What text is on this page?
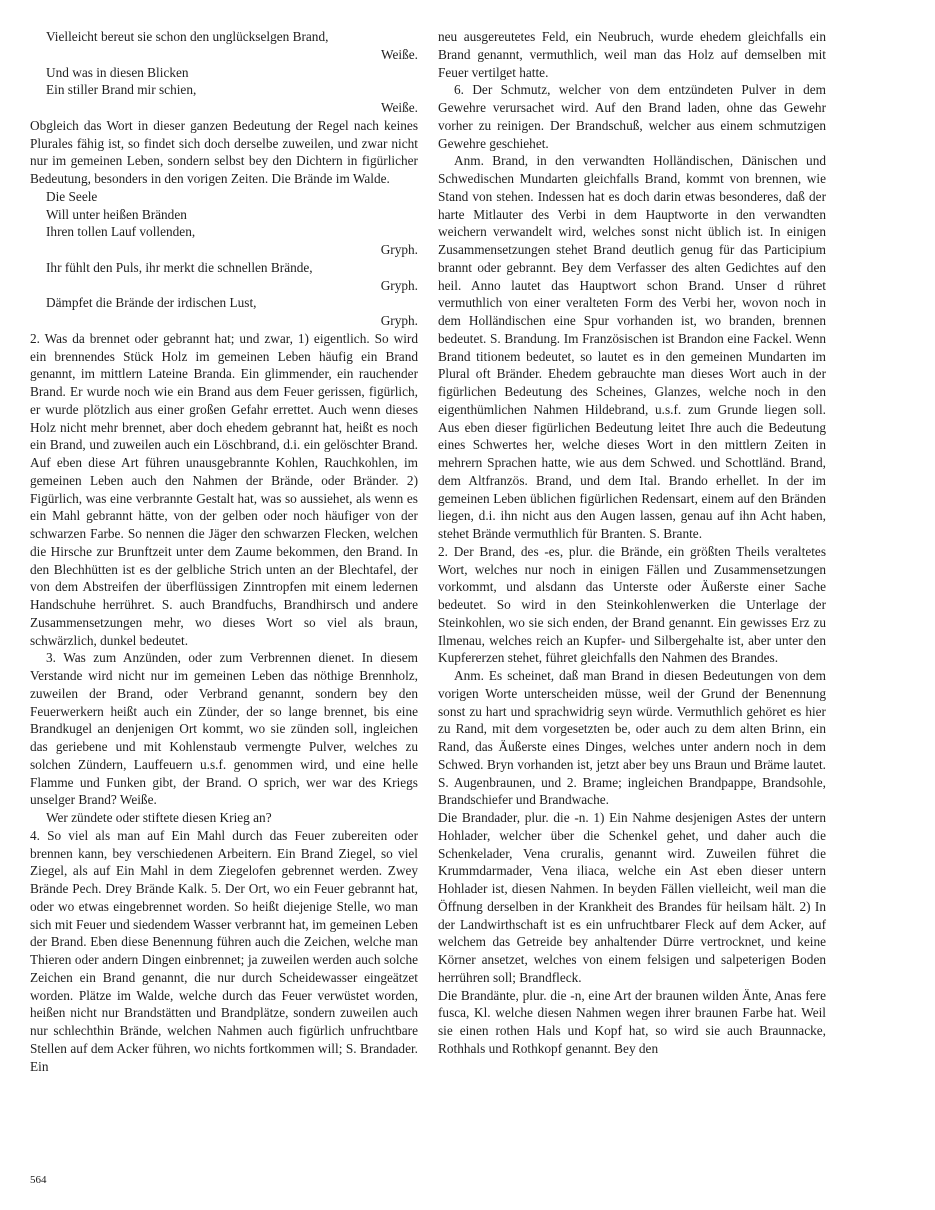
Vielleicht bereut sie schon den unglückselgen Brand,

Weiße.

Und was in diesen Blicken

Ein stiller Brand mir schien,

Weiße.

Obgleich das Wort in dieser ganzen Bedeutung der Regel nach keines Plurales fähig ist, so findet sich doch derselbe zuweilen, und zwar nicht nur im gemeinen Leben, sondern selbst bey den Dichtern in figürlicher Bedeutung, besonders in den vorigen Zeiten. Die Brände im Walde.

Die Seele

Will unter heißen Bränden

Ihren tollen Lauf vollenden,

Gryph.

Ihr fühlt den Puls, ihr merkt die schnellen Brände,

Gryph.

Dämpfet die Brände der irdischen Lust,

Gryph.

2. Was da brennet oder gebrannt hat; und zwar, 1) eigentlich. So wird ein brennendes Stück Holz im gemeinen Leben häufig ein Brand genannt, im mittlern Lateine Branda. Ein glimmender, ein rauchender Brand. Er wurde noch wie ein Brand aus dem Feuer gerissen, figürlich, er wurde plötzlich aus einer großen Gefahr errettet. Auch wenn dieses Holz nicht mehr brennet, aber doch ehedem gebrannt hat, heißt es noch ein Brand, und zuweilen auch ein Löschbrand, d.i. ein gelöschter Brand. Auf eben diese Art führen unausgebrannte Kohlen, Rauchkohlen, im gemeinen Leben auch den Nahmen der Brände, oder Bränder. 2) Figürlich, was eine verbrannte Gestalt hat, was so aussiehet, als wenn es ein Mahl gebrannt hätte, von der gelben oder noch häufiger von der schwarzen Farbe. So nennen die Jäger den schwarzen Flecken, welchen die Hirsche zur Brunftzeit unter dem Zaume bekommen, den Brand. In den Blechhütten ist es der gelbliche Strich unten an der Blechtafel, der von dem Abstreifen der überflüssigen Zinntropfen mit einem ledernen Handschuhe herrühret. S. auch Brandfuchs, Brandhirsch und andere Zusammensetzungen mehr, wo dieses Wort so viel als braun, schwärzlich, dunkel bedeutet.

3. Was zum Anzünden, oder zum Verbrennen dienet. In diesem Verstande wird nicht nur im gemeinen Leben das nöthige Brennholz, zuweilen der Brand, oder Verbrand genannt, sondern bey den Feuerwerkern heißt auch ein Zünder, der so lange brennet, bis eine Brandkugel an denjenigen Ort kommt, wo sie zünden soll, ingleichen das geriebene und mit Kohlenstaub vermengte Pulver, welches zu solchen Zündern, Lauffeuern u.s.f. genommen wird, und eine helle Flamme und Funken gibt, der Brand. O sprich, wer war des Kriegs unselger Brand? Weiße.

Wer zündete oder stiftete diesen Krieg an?

4. So viel als man auf Ein Mahl durch das Feuer zubereiten oder brennen kann, bey verschiedenen Arbeitern. Ein Brand Ziegel, so viel Ziegel, als auf Ein Mahl in dem Ziegelofen gebrennet werden. Zwey Brände Pech. Drey Brände Kalk. 5. Der Ort, wo ein Feuer gebrannt hat, oder wo etwas eingebrennet worden. So heißt diejenige Stelle, wo man sich mit Feuer und siedendem Wasser verbrannt hat, im gemeinen Leben der Brand. Eben diese Benennung führen auch die Zeichen, welche man Thieren oder andern Dingen einbrennet; ja zuweilen werden auch solche Zeichen ein Brand genannt, die nur durch Scheidewasser eingeätzet worden. Plätze im Walde, welche durch das Feuer verwüstet worden, heißen nicht nur Brandstätten und Brandplätze, sondern zuweilen auch nur schlechthin Brände, welchen Nahmen auch figürlich unfruchtbare Stellen auf dem Acker führen, wo nichts fortkommen will; S. Brandader. Ein

neu ausgereutetes Feld, ein Neubruch, wurde ehedem gleichfalls ein Brand genannt, vermuthlich, weil man das Holz auf demselben mit Feuer vertilget hatte.

6. Der Schmutz, welcher von dem entzündeten Pulver in dem Gewehre verursachet wird. Auf den Brand laden, ohne das Gewehr vorher zu reinigen. Der Brandschuß, welcher aus einem schmutzigen Gewehre geschiehet.

Anm. Brand, in den verwandten Holländischen, Dänischen und Schwedischen Mundarten gleichfalls Brand, kommt von brennen, wie Stand von stehen. Indessen hat es doch darin etwas besonderes, daß der harte Mitlauter des Verbi in dem Hauptworte in den verwandten weichern verwandelt wird, welches sonst nicht üblich ist. In einigen Zusammensetzungen stehet Brand deutlich genug für das Participium brannt oder gebrannt. Bey dem Verfasser des alten Gedichtes auf den heil. Anno lautet das Hauptwort schon Brand. Unser d rühret vermuthlich von einer veralteten Form des Verbi her, wovon noch in dem Holländischen eine Spur vorhanden ist, wo branden, brennen bedeutet. S. Brandung. Im Französischen ist Brandon eine Fackel. Wenn Brand titionem bedeutet, so lautet es in den gemeinen Mundarten im Plural oft Bränder. Ehedem gebrauchte man dieses Wort auch in der figürlichen Bedeutung des Scheines, Glanzes, welche noch in den eigenthümlichen Nahmen Hildebrand, u.s.f. zum Grunde liegen soll. Aus eben dieser figürlichen Bedeutung leitet Ihre auch die Bedeutung eines Schwertes her, welche dieses Wort in den mittlern Zeiten in mehrern Sprachen hatte, wie aus dem Schwed. und Schottländ. Brand, dem Altfranzös. Brand, und dem Ital. Brando erhellet. In der im gemeinen Leben üblichen figürlichen Redensart, einem auf den Bränden liegen, d.i. ihn nicht aus den Augen lassen, genau auf ihn Acht haben, stehet Brände vermuthlich für Branten. S. Brante.

2. Der Brand, des -es, plur. die Brände, ein größten Theils veraltetes Wort, welches nur noch in einigen Fällen und Zusammensetzungen vorkommt, und alsdann das Unterste oder Äußerste einer Sache bedeutet. So wird in den Steinkohlenwerken die Unterlage der Steinkohlen, wo sie sich enden, der Brand genannt. Ein gewisses Erz zu Ilmenau, welches reich an Kupfer- und Silbergehalte ist, aber unter den Kupfererzen stehet, führet gleichfalls den Nahmen des Brandes.

Anm. Es scheinet, daß man Brand in diesen Bedeutungen von dem vorigen Worte unterscheiden müsse, weil der Grund der Benennung sonst zu hart und sprachwidrig seyn würde. Vermuthlich gehöret es hier zu Rand, mit dem vorgesetzten be, oder auch zu dem alten Brinn, ein Rand, das Äußerste eines Dinges, welches unter andern noch in dem Schwed. Bryn vorhanden ist, jetzt aber bey uns Braun und Bräme lautet. S. Augenbraunen, und 2. Brame; ingleichen Brandpappe, Brandsohle, Brandschiefer und Brandwache.

Die Brandader, plur. die -n. 1) Ein Nahme desjenigen Astes der untern Hohlader, welcher über die Schenkel gehet, und daher auch die Schenkelader, Vena cruralis, genannt wird. Zuweilen führet die Krummdarmader, Vena iliaca, welche ein Ast eben dieser untern Hohlader ist, diesen Nahmen. In beyden Fällen vielleicht, weil man die Öffnung derselben in der Krankheit des Brandes für heilsam hält. 2) In der Landwirthschaft ist es ein unfruchtbarer Fleck auf dem Acker, auf welchem das Getreide bey anhaltender Dürre vertrocknet, und keine Körner ansetzet, welches von einem felsigen und salpeterigen Boden herrühren soll; Brandfleck.

Die Brandänte, plur. die -n, eine Art der braunen wilden Änte, Anas fere fusca, Kl. welche diesen Nahmen wegen ihrer braunen Farbe hat. Weil sie einen rothen Hals und Kopf hat, so wird sie auch Braunnacke, Rothhals und Rothkopf genannt. Bey den

564
